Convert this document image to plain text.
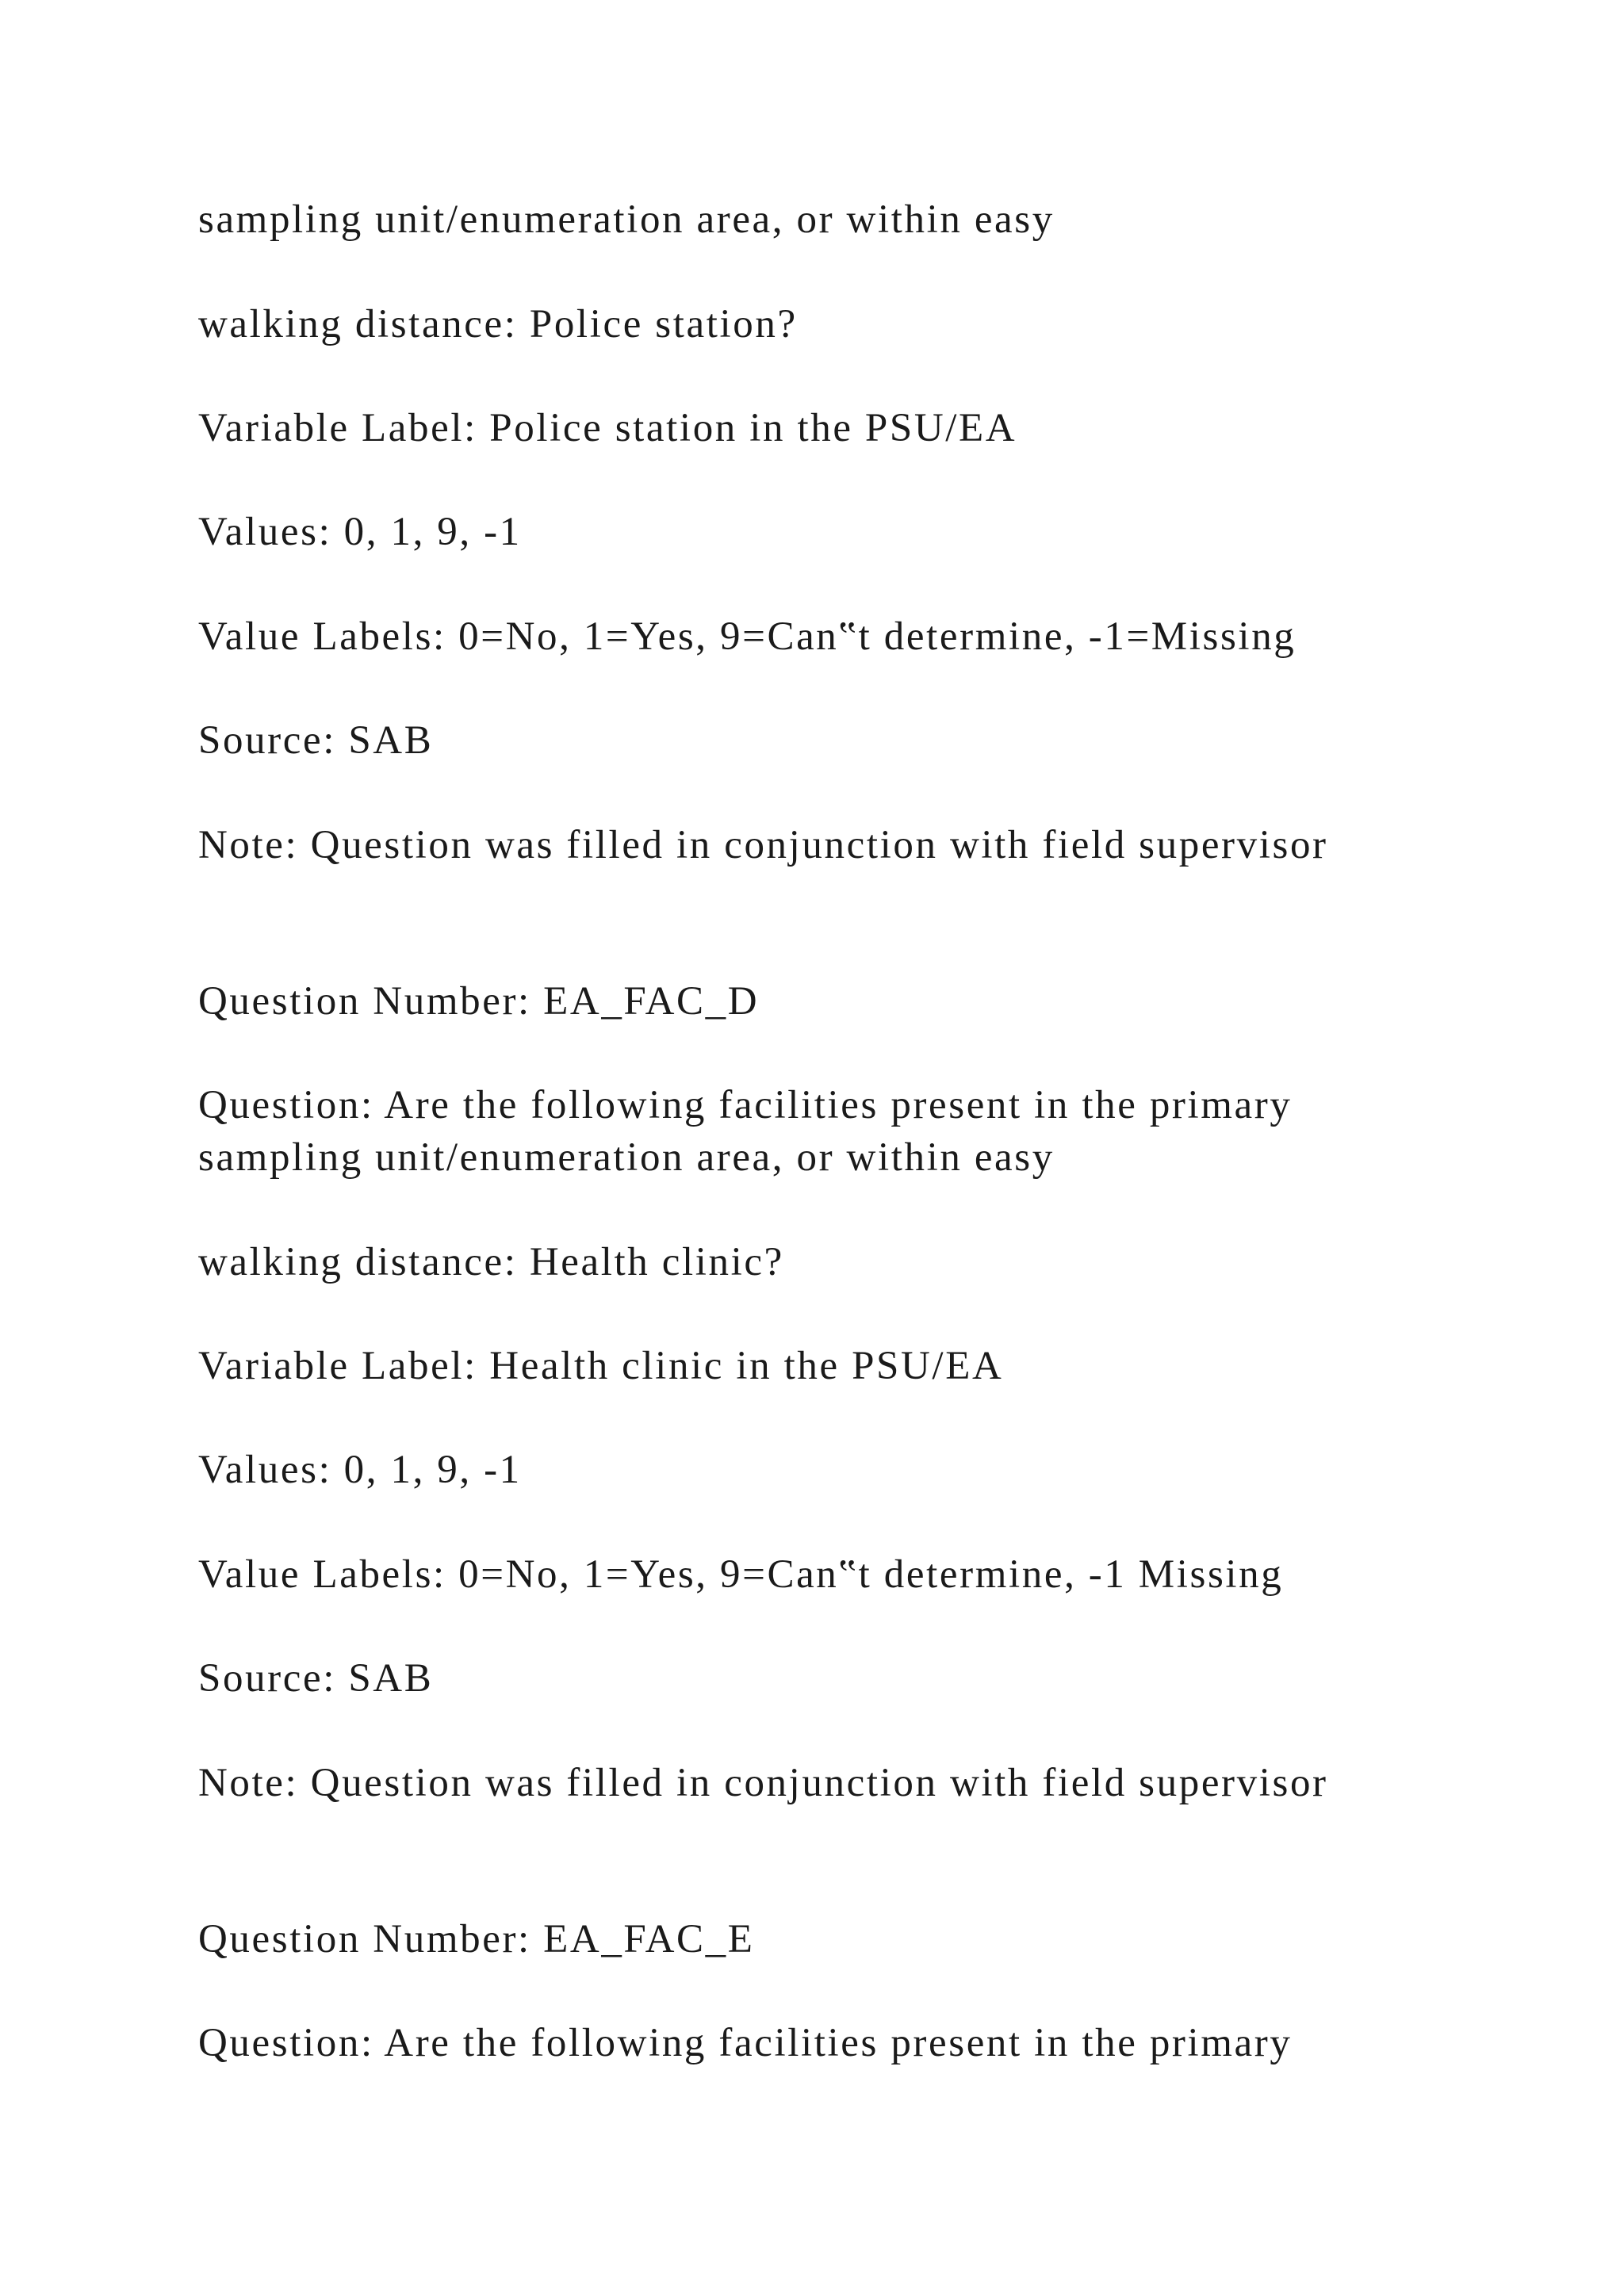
sampling unit/enumeration area, or within easy
walking distance: Police station?
Variable Label: Police station in the PSU/EA
Values: 0, 1, 9, -1
Value Labels: 0=No, 1=Yes, 9=Can‟t determine, -1=Missing
Source: SAB
Note: Question was filled in conjunction with field supervisor
Question Number: EA_FAC_D
Question: Are the following facilities present in the primary
sampling unit/enumeration area, or within easy
walking distance: Health clinic?
Variable Label: Health clinic in the PSU/EA
Values: 0, 1, 9, -1
Value Labels: 0=No, 1=Yes, 9=Can‟t determine, -1 Missing
Source: SAB
Note: Question was filled in conjunction with field supervisor
Question Number: EA_FAC_E
Question: Are the following facilities present in the primary
